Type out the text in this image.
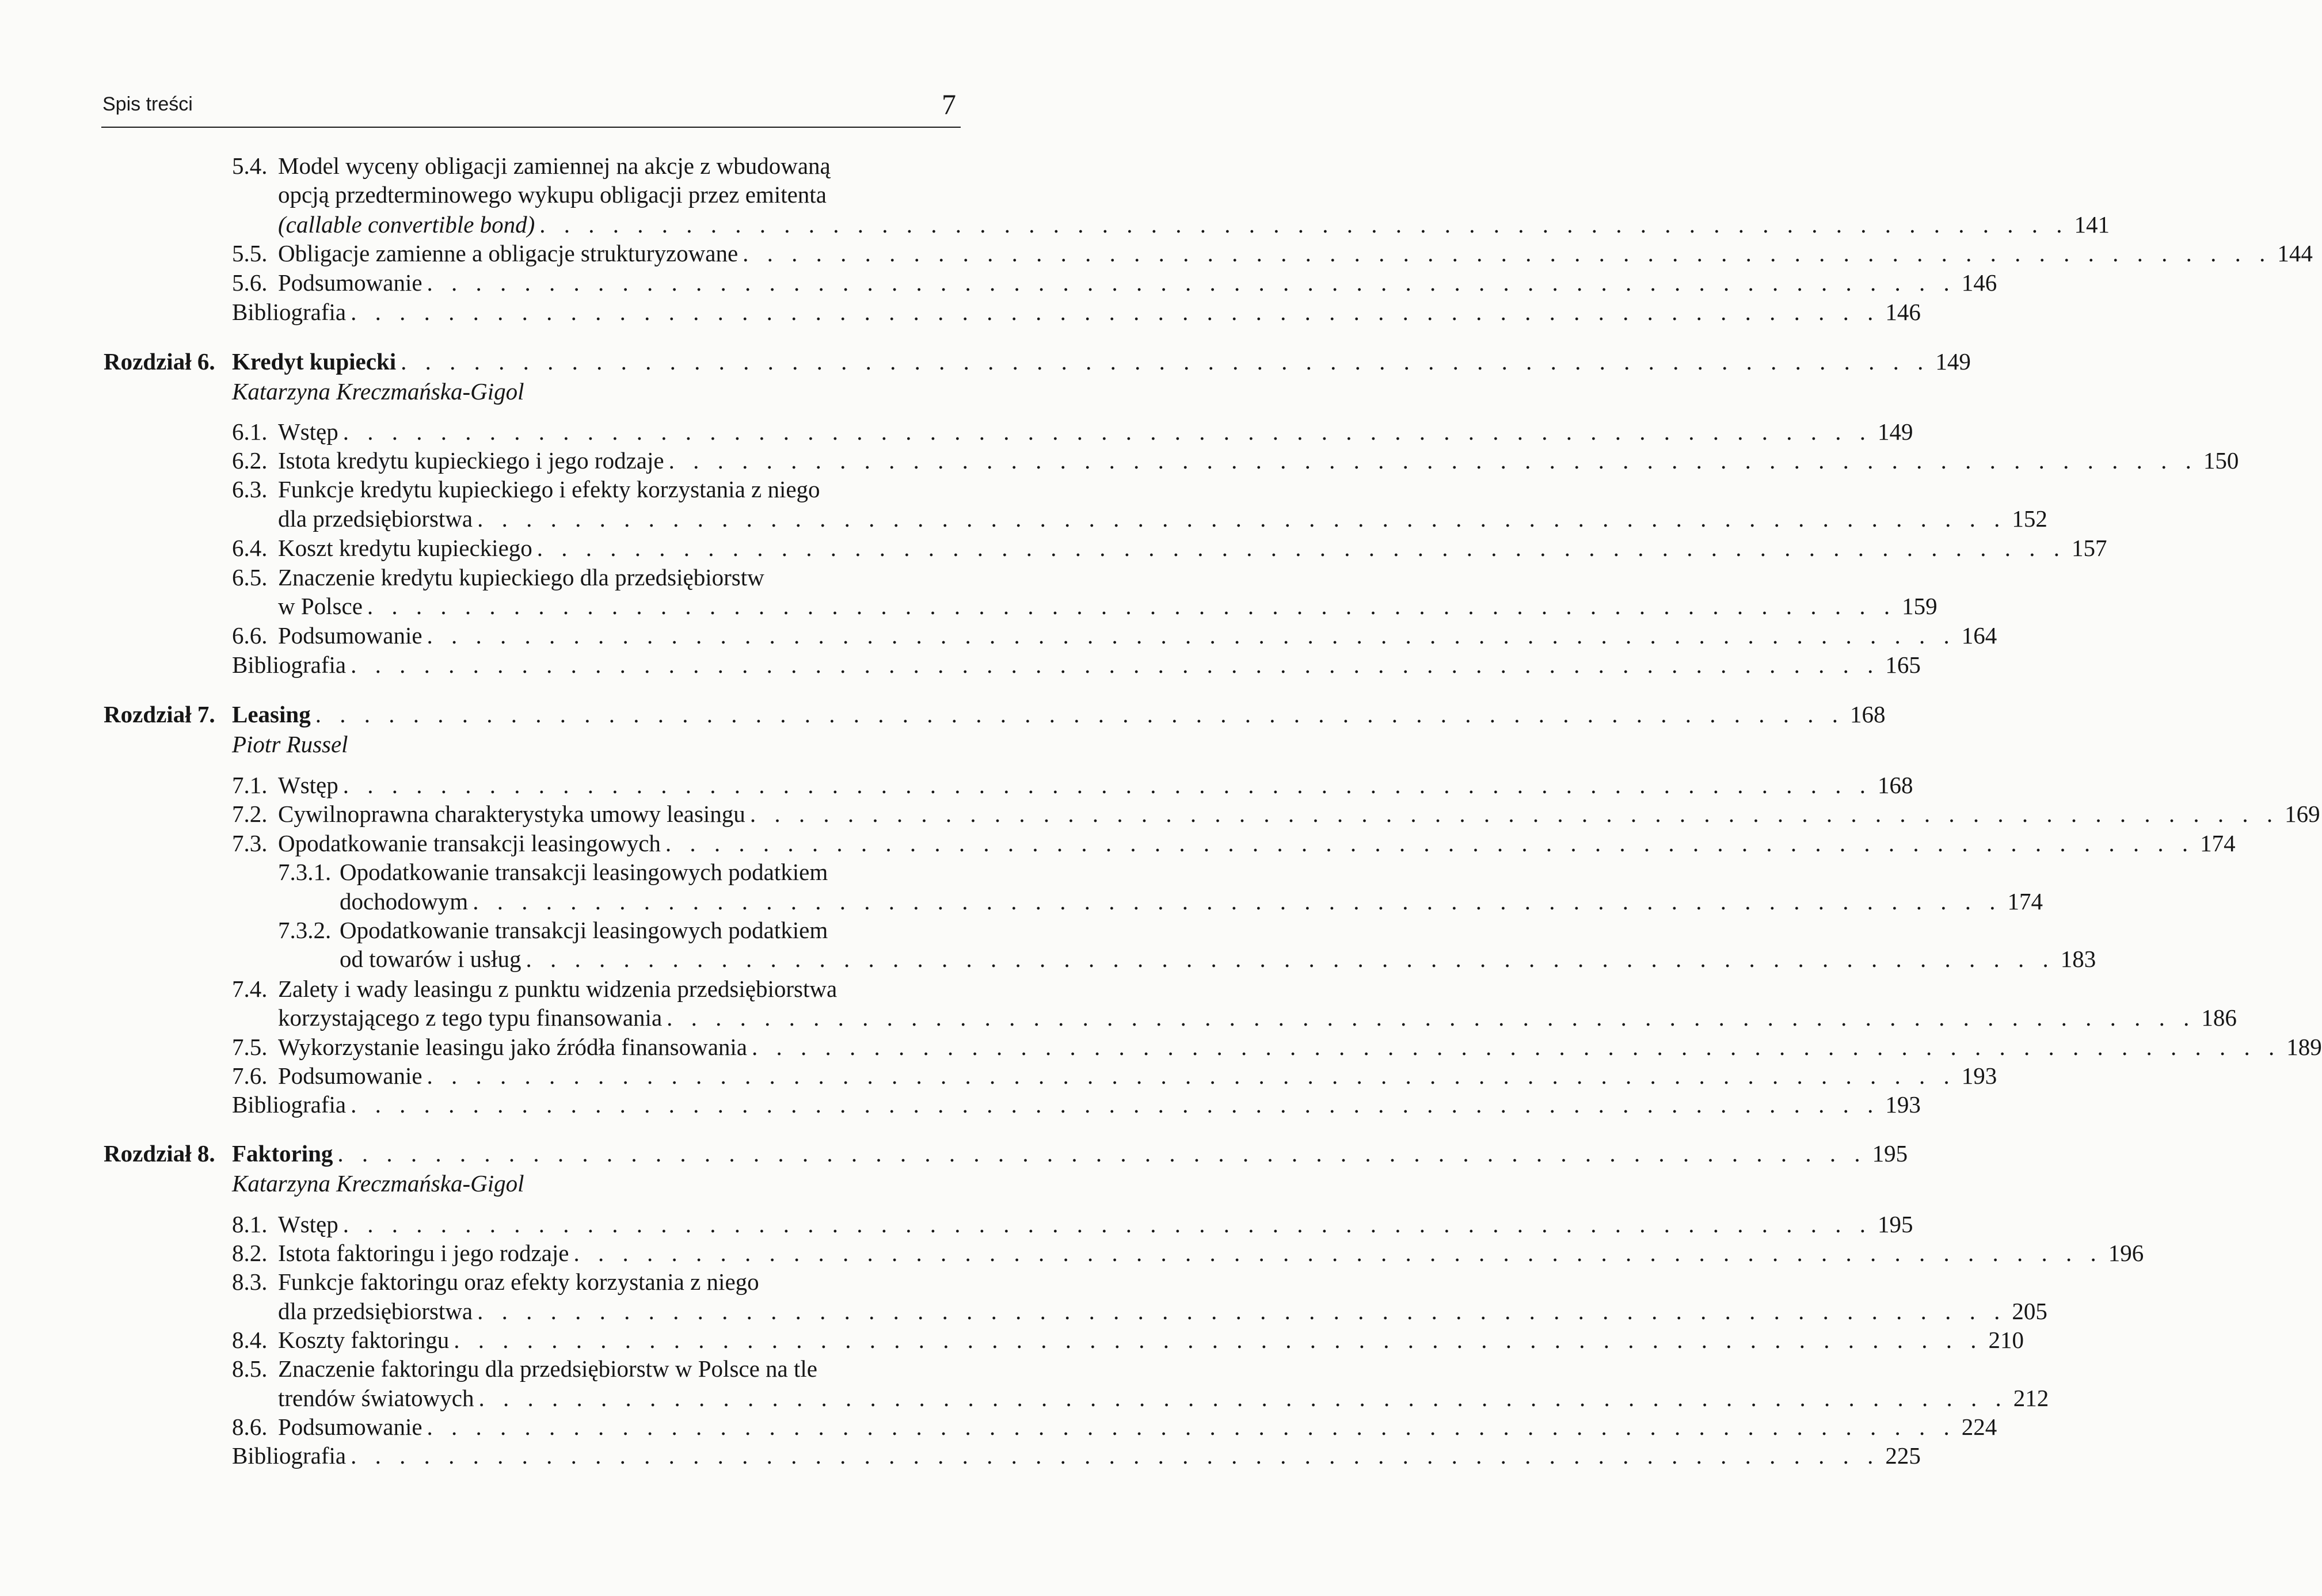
Spis treści	7
5.4. Model wyceny obligacji zamiennej na akcje z wbudowaną
opcją przedterminowego wykupu obligacji przez emitenta
(callable convertible bond) . . . . . . . . . . . . . . . . . . . . . . . . . . . . . . . . . . . . . . . . . . . . . . . . . . . . . . . . . . . . . . . 141
5.5. Obligacje zamienne a obligacje strukturyzowane . . . . . . . . . . . . . . . . . . . . . . . . . . . . . . . . . . . . . . . . . . . . . . . . . . . . . . . . . . . . . . . 144
5.6. Podsumowanie . . . . . . . . . . . . . . . . . . . . . . . . . . . . . . . . . . . . . . . . . . . . . . . . . . . . . . . . . . . . . . . 146
Bibliografia . . . . . . . . . . . . . . . . . . . . . . . . . . . . . . . . . . . . . . . . . . . . . . . . . . . . . . . . . . . . . . . 146
Rozdział 6. Kredyt kupiecki . . . . . . . . . . . . . . . . . . . . . . . . . . . . . . . . . . . . . . . . . . . . . . . . . . . . . . . . . . . . . . . 149
Katarzyna Kreczmańska-Gigol
6.1. Wstęp . . . . . . . . . . . . . . . . . . . . . . . . . . . . . . . . . . . . . . . . . . . . . . . . . . . . . . . . . . . . . . . 149
6.2. Istota kredytu kupieckiego i jego rodzaje . . . . . . . . . . . . . . . . . . . . . . . . . . . . . . . . . . . . . . . . . . . . . . . . . . . . . . . . . . . . . . . 150
6.3. Funkcje kredytu kupieckiego i efekty korzystania z niego
dla przedsiębiorstwa . . . . . . . . . . . . . . . . . . . . . . . . . . . . . . . . . . . . . . . . . . . . . . . . . . . . . . . . . . . . . . . 152
6.4. Koszt kredytu kupieckiego . . . . . . . . . . . . . . . . . . . . . . . . . . . . . . . . . . . . . . . . . . . . . . . . . . . . . . . . . . . . . . . 157
6.5. Znaczenie kredytu kupieckiego dla przedsiębiorstw
w Polsce . . . . . . . . . . . . . . . . . . . . . . . . . . . . . . . . . . . . . . . . . . . . . . . . . . . . . . . . . . . . . . . 159
6.6. Podsumowanie . . . . . . . . . . . . . . . . . . . . . . . . . . . . . . . . . . . . . . . . . . . . . . . . . . . . . . . . . . . . . . . 164
Bibliografia . . . . . . . . . . . . . . . . . . . . . . . . . . . . . . . . . . . . . . . . . . . . . . . . . . . . . . . . . . . . . . . 165
Rozdział 7. Leasing . . . . . . . . . . . . . . . . . . . . . . . . . . . . . . . . . . . . . . . . . . . . . . . . . . . . . . . . . . . . . . . 168
Piotr Russel
7.1. Wstęp . . . . . . . . . . . . . . . . . . . . . . . . . . . . . . . . . . . . . . . . . . . . . . . . . . . . . . . . . . . . . . . 168
7.2. Cywilnoprawna charakterystyka umowy leasingu . . . . . . . . . . . . . . . . . . . . . . . . . . . . . . . . . . . . . . . . . . . . . . . . . . . . . . . . . . . . . . . 169
7.3. Opodatkowanie transakcji leasingowych . . . . . . . . . . . . . . . . . . . . . . . . . . . . . . . . . . . . . . . . . . . . . . . . . . . . . . . . . . . . . . . 174
7.3.1. Opodatkowanie transakcji leasingowych podatkiem
dochodowym . . . . . . . . . . . . . . . . . . . . . . . . . . . . . . . . . . . . . . . . . . . . . . . . . . . . . . . . . . . . . . . 174
7.3.2. Opodatkowanie transakcji leasingowych podatkiem
od towarów i usług . . . . . . . . . . . . . . . . . . . . . . . . . . . . . . . . . . . . . . . . . . . . . . . . . . . . . . . . . . . . . . . 183
7.4. Zalety i wady leasingu z punktu widzenia przedsiębiorstwa
korzystającego z tego typu finansowania . . . . . . . . . . . . . . . . . . . . . . . . . . . . . . . . . . . . . . . . . . . . . . . . . . . . . . . . . . . . . . . 186
7.5. Wykorzystanie leasingu jako źródła finansowania . . . . . . . . . . . . . . . . . . . . . . . . . . . . . . . . . . . . . . . . . . . . . . . . . . . . . . . . . . . . . . . 189
7.6. Podsumowanie . . . . . . . . . . . . . . . . . . . . . . . . . . . . . . . . . . . . . . . . . . . . . . . . . . . . . . . . . . . . . . . 193
Bibliografia . . . . . . . . . . . . . . . . . . . . . . . . . . . . . . . . . . . . . . . . . . . . . . . . . . . . . . . . . . . . . . . 193
Rozdział 8. Faktoring . . . . . . . . . . . . . . . . . . . . . . . . . . . . . . . . . . . . . . . . . . . . . . . . . . . . . . . . . . . . . . . 195
Katarzyna Kreczmańska-Gigol
8.1. Wstęp . . . . . . . . . . . . . . . . . . . . . . . . . . . . . . . . . . . . . . . . . . . . . . . . . . . . . . . . . . . . . . . 195
8.2. Istota faktoringu i jego rodzaje . . . . . . . . . . . . . . . . . . . . . . . . . . . . . . . . . . . . . . . . . . . . . . . . . . . . . . . . . . . . . . . 196
8.3. Funkcje faktoringu oraz efekty korzystania z niego
dla przedsiębiorstwa . . . . . . . . . . . . . . . . . . . . . . . . . . . . . . . . . . . . . . . . . . . . . . . . . . . . . . . . . . . . . . . 205
8.4. Koszty faktoringu . . . . . . . . . . . . . . . . . . . . . . . . . . . . . . . . . . . . . . . . . . . . . . . . . . . . . . . . . . . . . . . 210
8.5. Znaczenie faktoringu dla przedsiębiorstw w Polsce na tle
trendów światowych . . . . . . . . . . . . . . . . . . . . . . . . . . . . . . . . . . . . . . . . . . . . . . . . . . . . . . . . . . . . . . . 212
8.6. Podsumowanie . . . . . . . . . . . . . . . . . . . . . . . . . . . . . . . . . . . . . . . . . . . . . . . . . . . . . . . . . . . . . . . 224
Bibliografia . . . . . . . . . . . . . . . . . . . . . . . . . . . . . . . . . . . . . . . . . . . . . . . . . . . . . . . . . . . . . . . 225
